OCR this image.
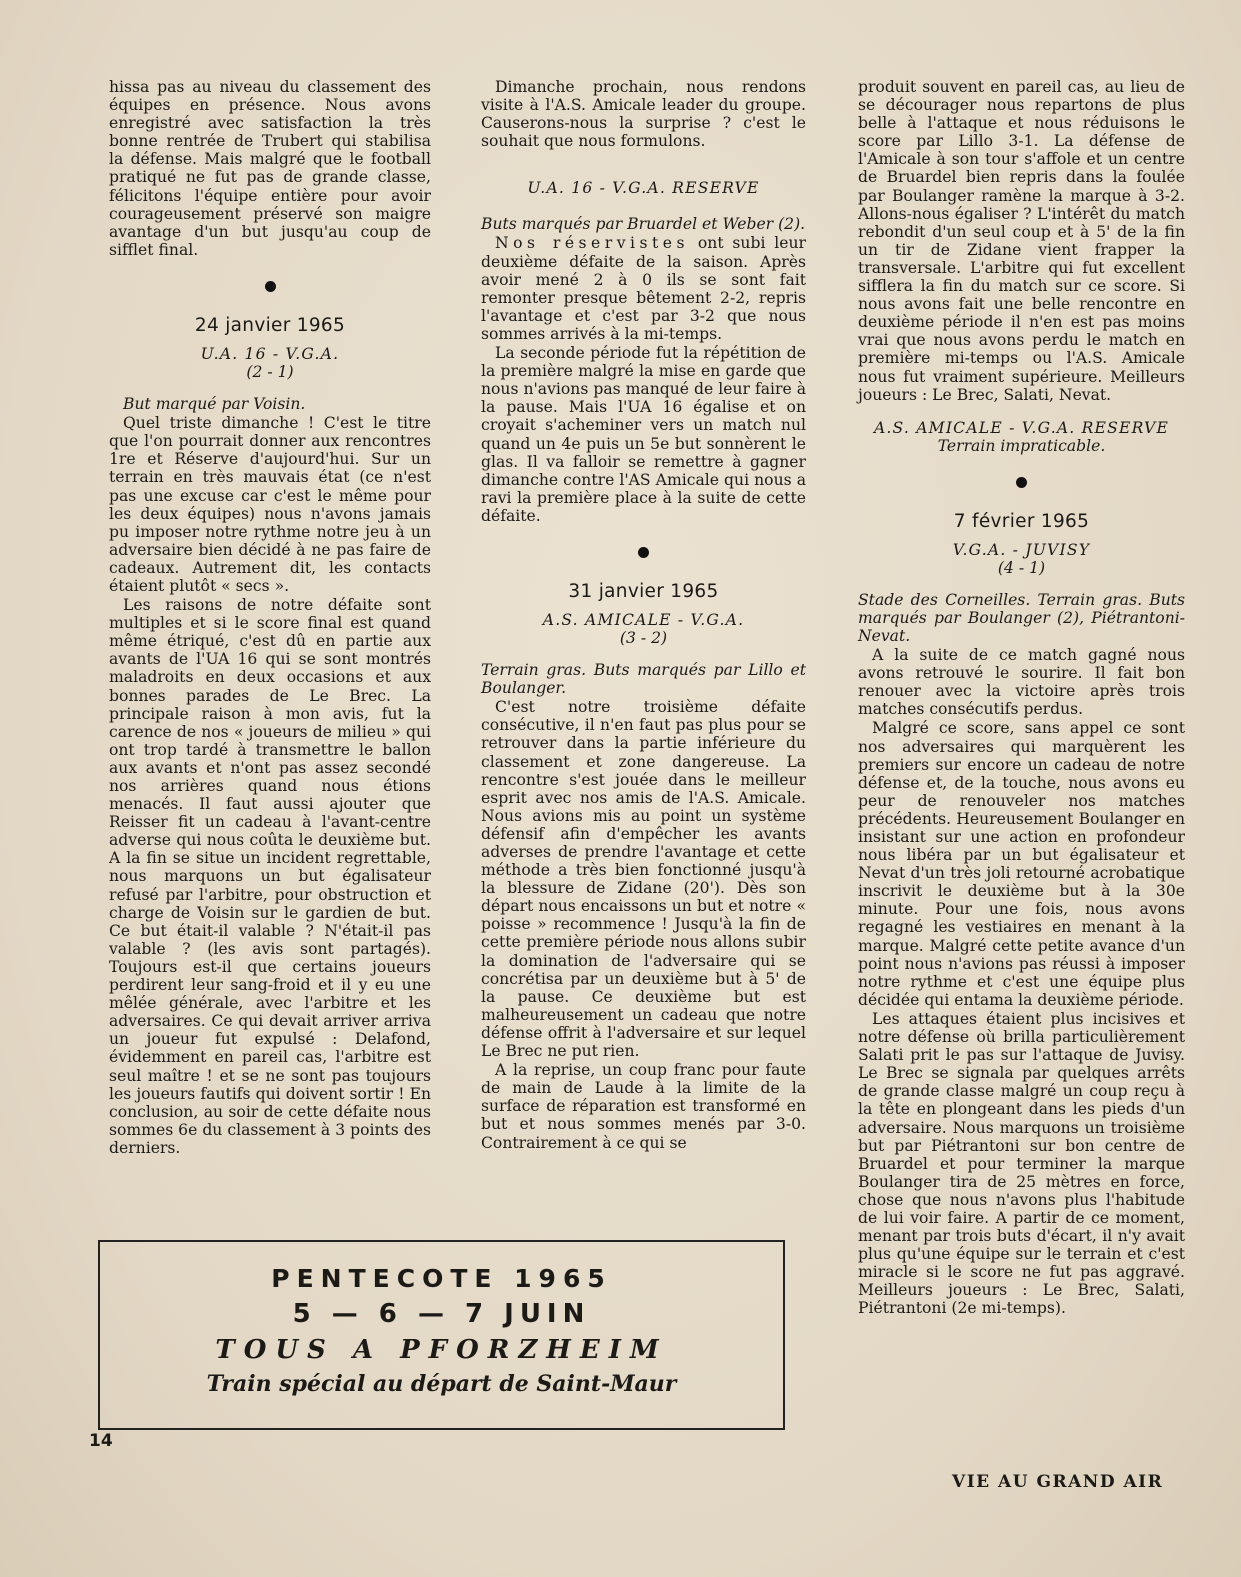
hissa pas au niveau du classement des équipes en présence. Nous avons enregistré avec satisfaction la très bonne rentrée de Trubert qui stabilisa la défense. Mais malgré que le football pratiqué ne fut pas de grande classe, félicitons l'équipe entière pour avoir courageusement préservé son maigre avantage d'un but jusqu'au coup de sifflet final.

24 janvier 1965
U.A. 16 - V.G.A.
(2 - 1)

But marqué par Voisin.

Quel triste dimanche ! C'est le titre que l'on pourrait donner aux rencontres 1re et Réserve d'aujourd'hui. Sur un terrain en très mauvais état (ce n'est pas une excuse car c'est le même pour les deux équipes) nous n'avons jamais pu imposer notre rythme notre jeu à un adversaire bien décidé à ne pas faire de cadeaux. Autrement dit, les contacts étaient plutôt « secs ».

Les raisons de notre défaite sont multiples et si le score final est quand même étriqué, c'est dû en partie aux avants de l'UA 16 qui se sont montrés maladroits en deux occasions et aux bonnes parades de Le Brec. La principale raison à mon avis, fut la carence de nos « joueurs de milieu » qui ont trop tardé à transmettre le ballon aux avants et n'ont pas assez secondé nos arrières quand nous étions menacés. Il faut aussi ajouter que Reisser fit un cadeau à l'avant-centre adverse qui nous coûta le deuxième but. A la fin se situe un incident regrettable, nous marquons un but égalisateur refusé par l'arbitre, pour obstruction et charge de Voisin sur le gardien de but. Ce but était-il valable ? N'était-il pas valable ? (les avis sont partagés). Toujours est-il que certains joueurs perdirent leur sang-froid et il y eu une mêlée générale, avec l'arbitre et les adversaires. Ce qui devait arriver arriva un joueur fut expulsé : Delafond, évidemment en pareil cas, l'arbitre est seul maître ! et se ne sont pas toujours les joueurs fautifs qui doivent sortir ! En conclusion, au soir de cette défaite nous sommes 6e du classement à 3 points des derniers.

Dimanche prochain, nous rendons visite à l'A.S. Amicale leader du groupe. Causerons-nous la surprise ? c'est le souhait que nous formulons.

U.A. 16 - V.G.A. RESERVE

Buts marqués par Bruardel et Weber (2).

Nos réservistes ont subi leur deuxième défaite de la saison. Après avoir mené 2 à 0 ils se sont fait remonter presque bêtement 2-2, repris l'avantage et c'est par 3-2 que nous sommes arrivés à la mi-temps.

La seconde période fut la répétition de la première malgré la mise en garde que nous n'avions pas manqué de leur faire à la pause. Mais l'UA 16 égalise et on croyait s'acheminer vers un match nul quand un 4e puis un 5e but sonnèrent le glas. Il va falloir se remettre à gagner dimanche contre l'AS Amicale qui nous a ravi la première place à la suite de cette défaite.

31 janvier 1965
A.S. AMICALE - V.G.A.
(3 - 2)

Terrain gras. Buts marqués par Lillo et Boulanger.

C'est notre troisième défaite consécutive, il n'en faut pas plus pour se retrouver dans la partie inférieure du classement et zone dangereuse. La rencontre s'est jouée dans le meilleur esprit avec nos amis de l'A.S. Amicale. Nous avions mis au point un système défensif afin d'empêcher les avants adverses de prendre l'avantage et cette méthode a très bien fonctionné jusqu'à la blessure de Zidane (20'). Dès son départ nous encaissons un but et notre « poisse » recommence ! Jusqu'à la fin de cette première période nous allons subir la domination de l'adversaire qui se concrétisa par un deuxième but à 5' de la pause. Ce deuxième but est malheureusement un cadeau que notre défense offrit à l'adversaire et sur lequel Le Brec ne put rien.

A la reprise, un coup franc pour faute de main de Laude à la limite de la surface de réparation est transformé en but et nous sommes menés par 3-0. Contrairement à ce qui se

produit souvent en pareil cas, au lieu de se décourager nous repartons de plus belle à l'attaque et nous réduisons le score par Lillo 3-1. La défense de l'Amicale à son tour s'affole et un centre de Bruardel bien repris dans la foulée par Boulanger ramène la marque à 3-2. Allons-nous égaliser ? L'intérêt du match rebondit d'un seul coup et à 5' de la fin un tir de Zidane vient frapper la transversale. L'arbitre qui fut excellent sifflera la fin du match sur ce score. Si nous avons fait une belle rencontre en deuxième période il n'en est pas moins vrai que nous avons perdu le match en première mi-temps ou l'A.S. Amicale nous fut vraiment supérieure. Meilleurs joueurs : Le Brec, Salati, Nevat.

A.S. AMICALE - V.G.A. RESERVE
Terrain impraticable.
7 février 1965
V.G.A. - JUVISY
(4 - 1)

Stade des Corneilles. Terrain gras. Buts marqués par Boulanger (2), Piétrantoni-Nevat.

A la suite de ce match gagné nous avons retrouvé le sourire. Il fait bon renouer avec la victoire après trois matches consécutifs perdus.

Malgré ce score, sans appel ce sont nos adversaires qui marquèrent les premiers sur encore un cadeau de notre défense et, de la touche, nous avons eu peur de renouveler nos matches précédents. Heureusement Boulanger en insistant sur une action en profondeur nous libéra par un but égalisateur et Nevat d'un très joli retourné acrobatique inscrivit le deuxième but à la 30e minute. Pour une fois, nous avons regagné les vestiaires en menant à la marque. Malgré cette petite avance d'un point nous n'avions pas réussi à imposer notre rythme et c'est une équipe plus décidée qui entama la deuxième période.

Les attaques étaient plus incisives et notre défense où brilla particulièrement Salati prit le pas sur l'attaque de Juvisy. Le Brec se signala par quelques arrêts de grande classe malgré un coup reçu à la tête en plongeant dans les pieds d'un adversaire. Nous marquons un troisième but par Piétrantoni sur bon centre de Bruardel et pour terminer la marque Boulanger tira de 25 mètres en force, chose que nous n'avons plus l'habitude de lui voir faire. A partir de ce moment, menant par trois buts d'écart, il n'y avait plus qu'une équipe sur le terrain et c'est miracle si le score ne fut pas aggravé. Meilleurs joueurs : Le Brec, Salati, Piétrantoni (2e mi-temps).

PENTECOTE 1965
5 — 6 — 7 JUIN
TOUS A PFORZHEIM
Train spécial au départ de Saint-Maur
14
VIE AU GRAND AIR
